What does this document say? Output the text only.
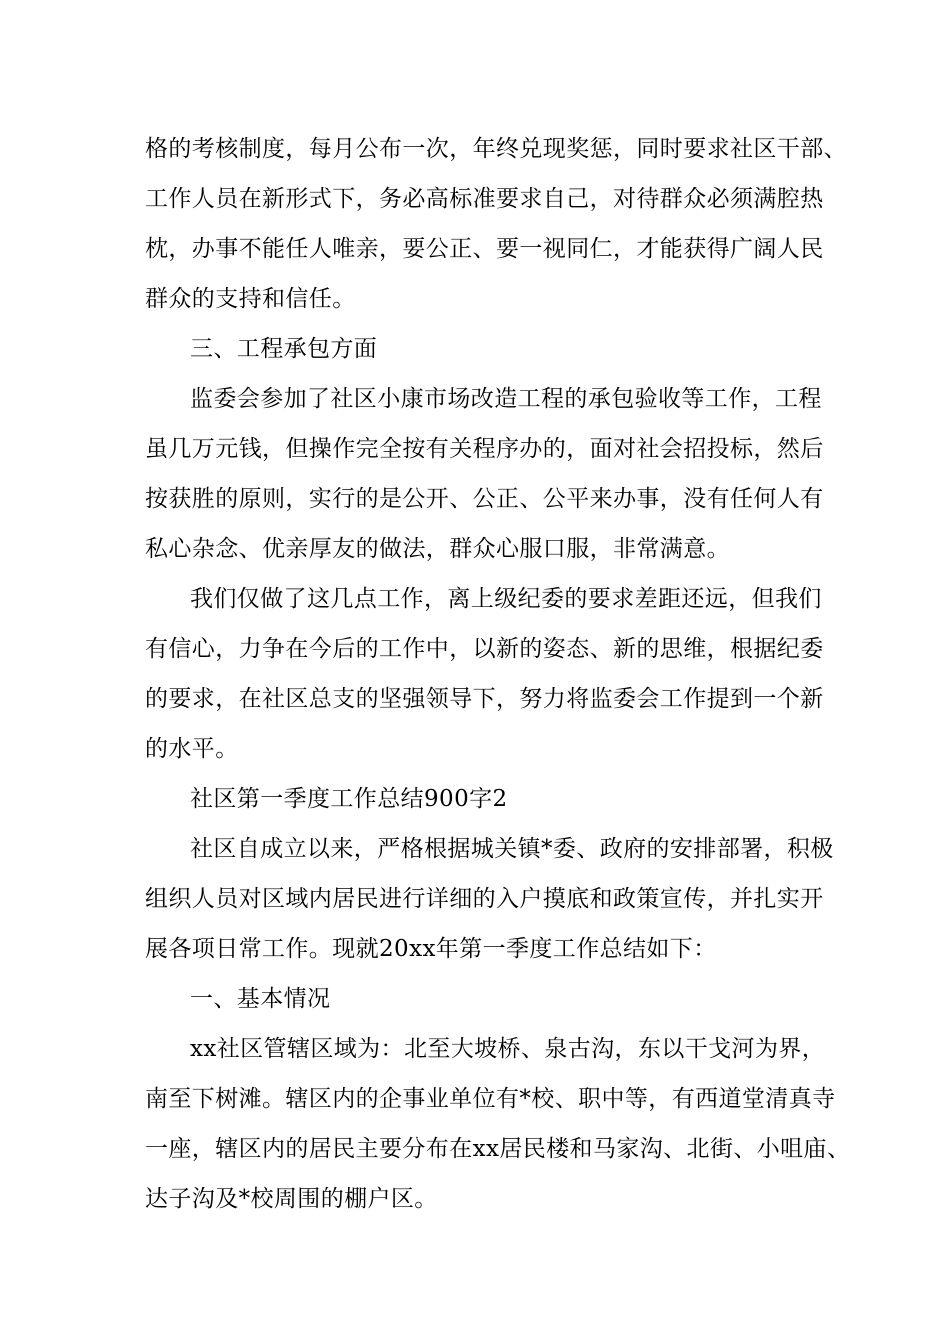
格的考核制度，每月公布一次，年终兑现奖惩，同时要求社区干部、
工作人员在新形式下，务必高标准要求自己，对待群众必须满腔热
枕，办事不能任人唯亲，要公正、要一视同仁，才能获得广阔人民
群众的支持和信任。
三、工程承包方面
监委会参加了社区小康市场改造工程的承包验收等工作，工程
虽几万元钱，但操作完全按有关程序办的，面对社会招投标，然后
按获胜的原则，实行的是公开、公正、公平来办事，没有任何人有
私心杂念、优亲厚友的做法，群众心服口服，非常满意。
我们仅做了这几点工作，离上级纪委的要求差距还远，但我们
有信心，力争在今后的工作中，以新的姿态、新的思维，根据纪委
的要求，在社区总支的坚强领导下，努力将监委会工作提到一个新
的水平。
社区第一季度工作总结900字2
社区自成立以来，严格根据城关镇*委、政府的安排部署，积极
组织人员对区域内居民进行详细的入户摸底和政策宣传，并扎实开
展各项日常工作。现就20xx年第一季度工作总结如下：
一、基本情况
xx社区管辖区域为：北至大坡桥、泉古沟，东以干戈河为界，
南至下树滩。辖区内的企事业单位有*校、职中等，有西道堂清真寺
一座，辖区内的居民主要分布在xx居民楼和马家沟、北街、小咀庙、
达子沟及*校周围的棚户区。
